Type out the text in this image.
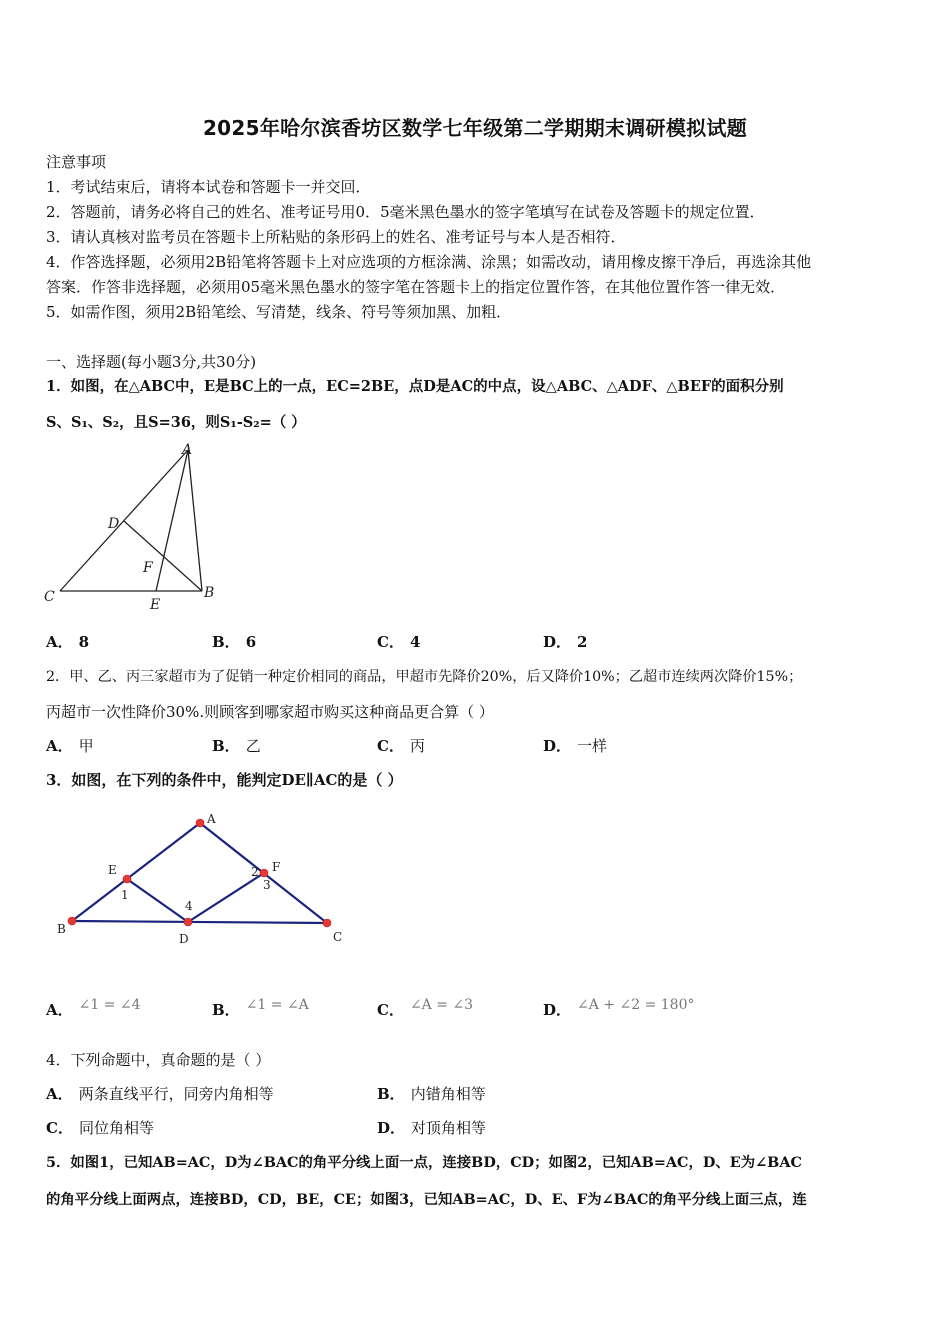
2025年哈尔滨香坊区数学七年级第二学期期末调研模拟试题
注意事项
1．考试结束后，请将本试卷和答题卡一并交回．
2．答题前，请务必将自己的姓名、准考证号用0．5毫米黑色墨水的签字笔填写在试卷及答题卡的规定位置．
3．请认真核对监考员在答题卡上所粘贴的条形码上的姓名、准考证号与本人是否相符．
4．作答选择题，必须用2B铅笔将答题卡上对应选项的方框涂满、涂黑；如需改动，请用橡皮擦干净后，再选涂其他
答案．作答非选择题，必须用05毫米黑色墨水的签字笔在答题卡上的指定位置作答，在其他位置作答一律无效．
5．如需作图，须用2B铅笔绘、写清楚，线条、符号等须加黑、加粗．
一、选择题(每小题3分,共30分)
1．如图，在△ABC中，E是BC上的一点，EC=2BE，点D是AC的中点，设△ABC、△ADF、△BEF的面积分别
S、S₁、S₂，且S=36，则S₁-S₂=（ ）
A
D
F
C	E
B
A． 8	B． 6	C． 4	D． 2
2．甲、乙、丙三家超市为了促销一种定价相同的商品，甲超市先降价20%，后又降价10%；乙超市连续两次降价15%；
丙超市一次性降价30%.则顾客到哪家超市购买这种商品更合算（ ）
A． 甲	B． 乙	C． 丙	D． 一样
3．如图，在下列的条件中，能判定DE∥AC的是（ ）
A
E
1
F
2
3
4
B
D	C
A． ∠1 = ∠4	B． ∠1 = ∠A	C． ∠A = ∠3	D． ∠A + ∠2 = 180°
4．下列命题中，真命题的是（ ）
A． 两条直线平行，同旁内角相等	B． 内错角相等
C． 同位角相等	D． 对顶角相等
5．如图1，已知AB=AC，D为∠BAC的角平分线上面一点，连接BD，CD；如图2，已知AB=AC，D、E为∠BAC
的角平分线上面两点，连接BD，CD，BE，CE；如图3，已知AB=AC，D、E、F为∠BAC的角平分线上面三点，连
